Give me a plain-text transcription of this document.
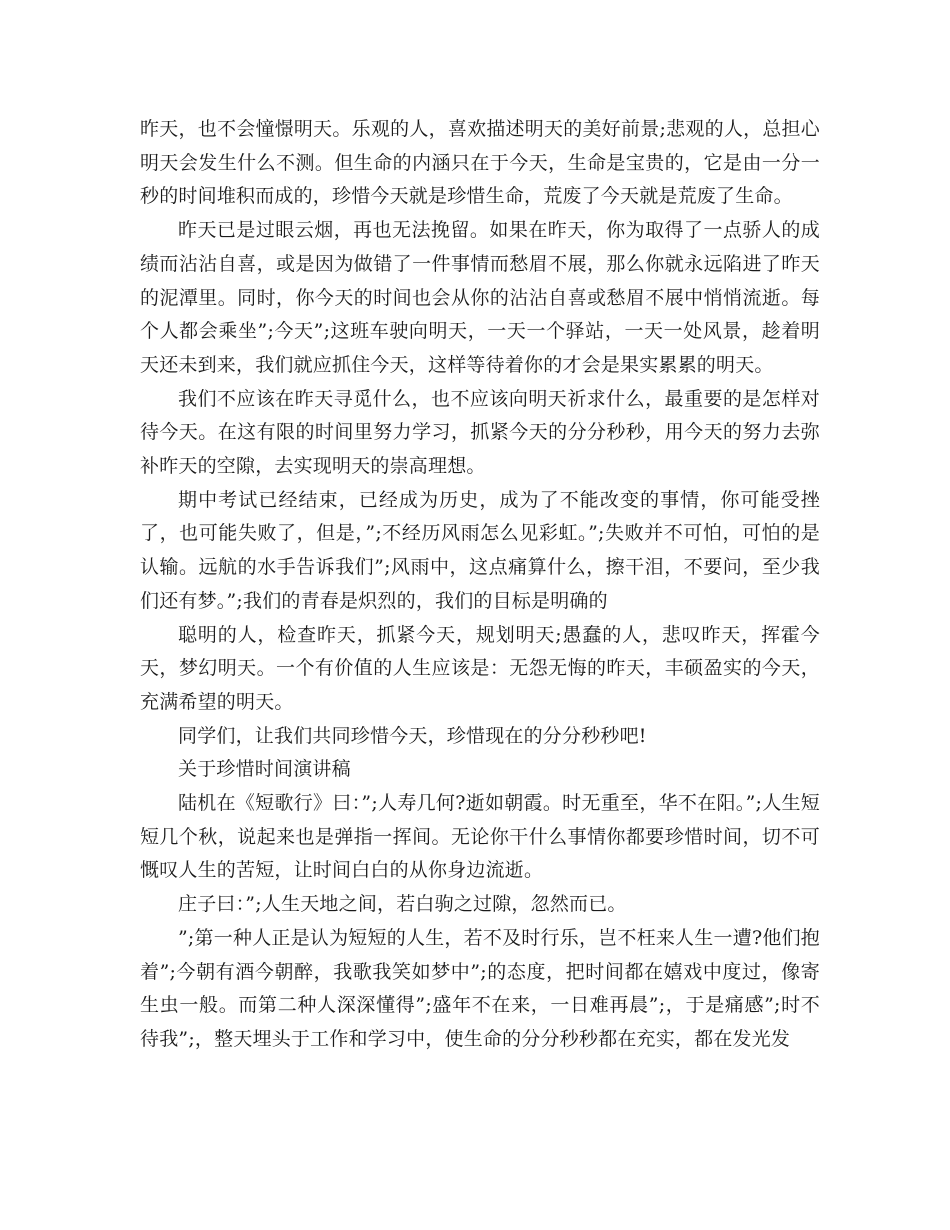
昨天，也不会憧憬明天。乐观的人，喜欢描述明天的美好前景;悲观的人，总担心明天会发生什么不测。但生命的内涵只在于今天，生命是宝贵的，它是由一分一秒的时间堆积而成的，珍惜今天就是珍惜生命，荒废了今天就是荒废了生命。

昨天已是过眼云烟，再也无法挽留。如果在昨天，你为取得了一点骄人的成绩而沾沾自喜，或是因为做错了一件事情而愁眉不展，那么你就永远陷进了昨天的泥潭里。同时，你今天的时间也会从你的沾沾自喜或愁眉不展中悄悄流逝。每个人都会乘坐”;今天”;这班车驶向明天，一天一个驿站，一天一处风景，趁着明天还未到来，我们就应抓住今天，这样等待着你的才会是果实累累的明天。

我们不应该在昨天寻觅什么，也不应该向明天祈求什么，最重要的是怎样对待今天。在这有限的时间里努力学习，抓紧今天的分分秒秒，用今天的努力去弥补昨天的空隙，去实现明天的崇高理想。

期中考试已经结束，已经成为历史，成为了不能改变的事情，你可能受挫了，也可能失败了，但是，”;不经历风雨怎么见彩虹。”;失败并不可怕，可怕的是认输。远航的水手告诉我们”;风雨中，这点痛算什么，擦干泪，不要问，至少我们还有梦。”;我们的青春是炽烈的，我们的目标是明确的

聪明的人，检查昨天，抓紧今天，规划明天;愚蠢的人，悲叹昨天，挥霍今天，梦幻明天。一个有价值的人生应该是：无怨无悔的昨天，丰硕盈实的今天，充满希望的明天。

同学们，让我们共同珍惜今天，珍惜现在的分分秒秒吧!

关于珍惜时间演讲稿

陆机在《短歌行》曰：”;人寿几何?逝如朝霞。时无重至，华不在阳。”;人生短短几个秋，说起来也是弹指一挥间。无论你干什么事情你都要珍惜时间，切不可慨叹人生的苦短，让时间白白的从你身边流逝。

庄子曰：”;人生天地之间，若白驹之过隙，忽然而已。

”;第一种人正是认为短短的人生，若不及时行乐，岂不枉来人生一遭?他们抱着”;今朝有酒今朝醉，我歌我笑如梦中”;的态度，把时间都在嬉戏中度过，像寄生虫一般。而第二种人深深懂得”;盛年不在来，一日难再晨”;，于是痛感”;时不待我”;，整天埋头于工作和学习中，使生命的分分秒秒都在充实，都在发光发
